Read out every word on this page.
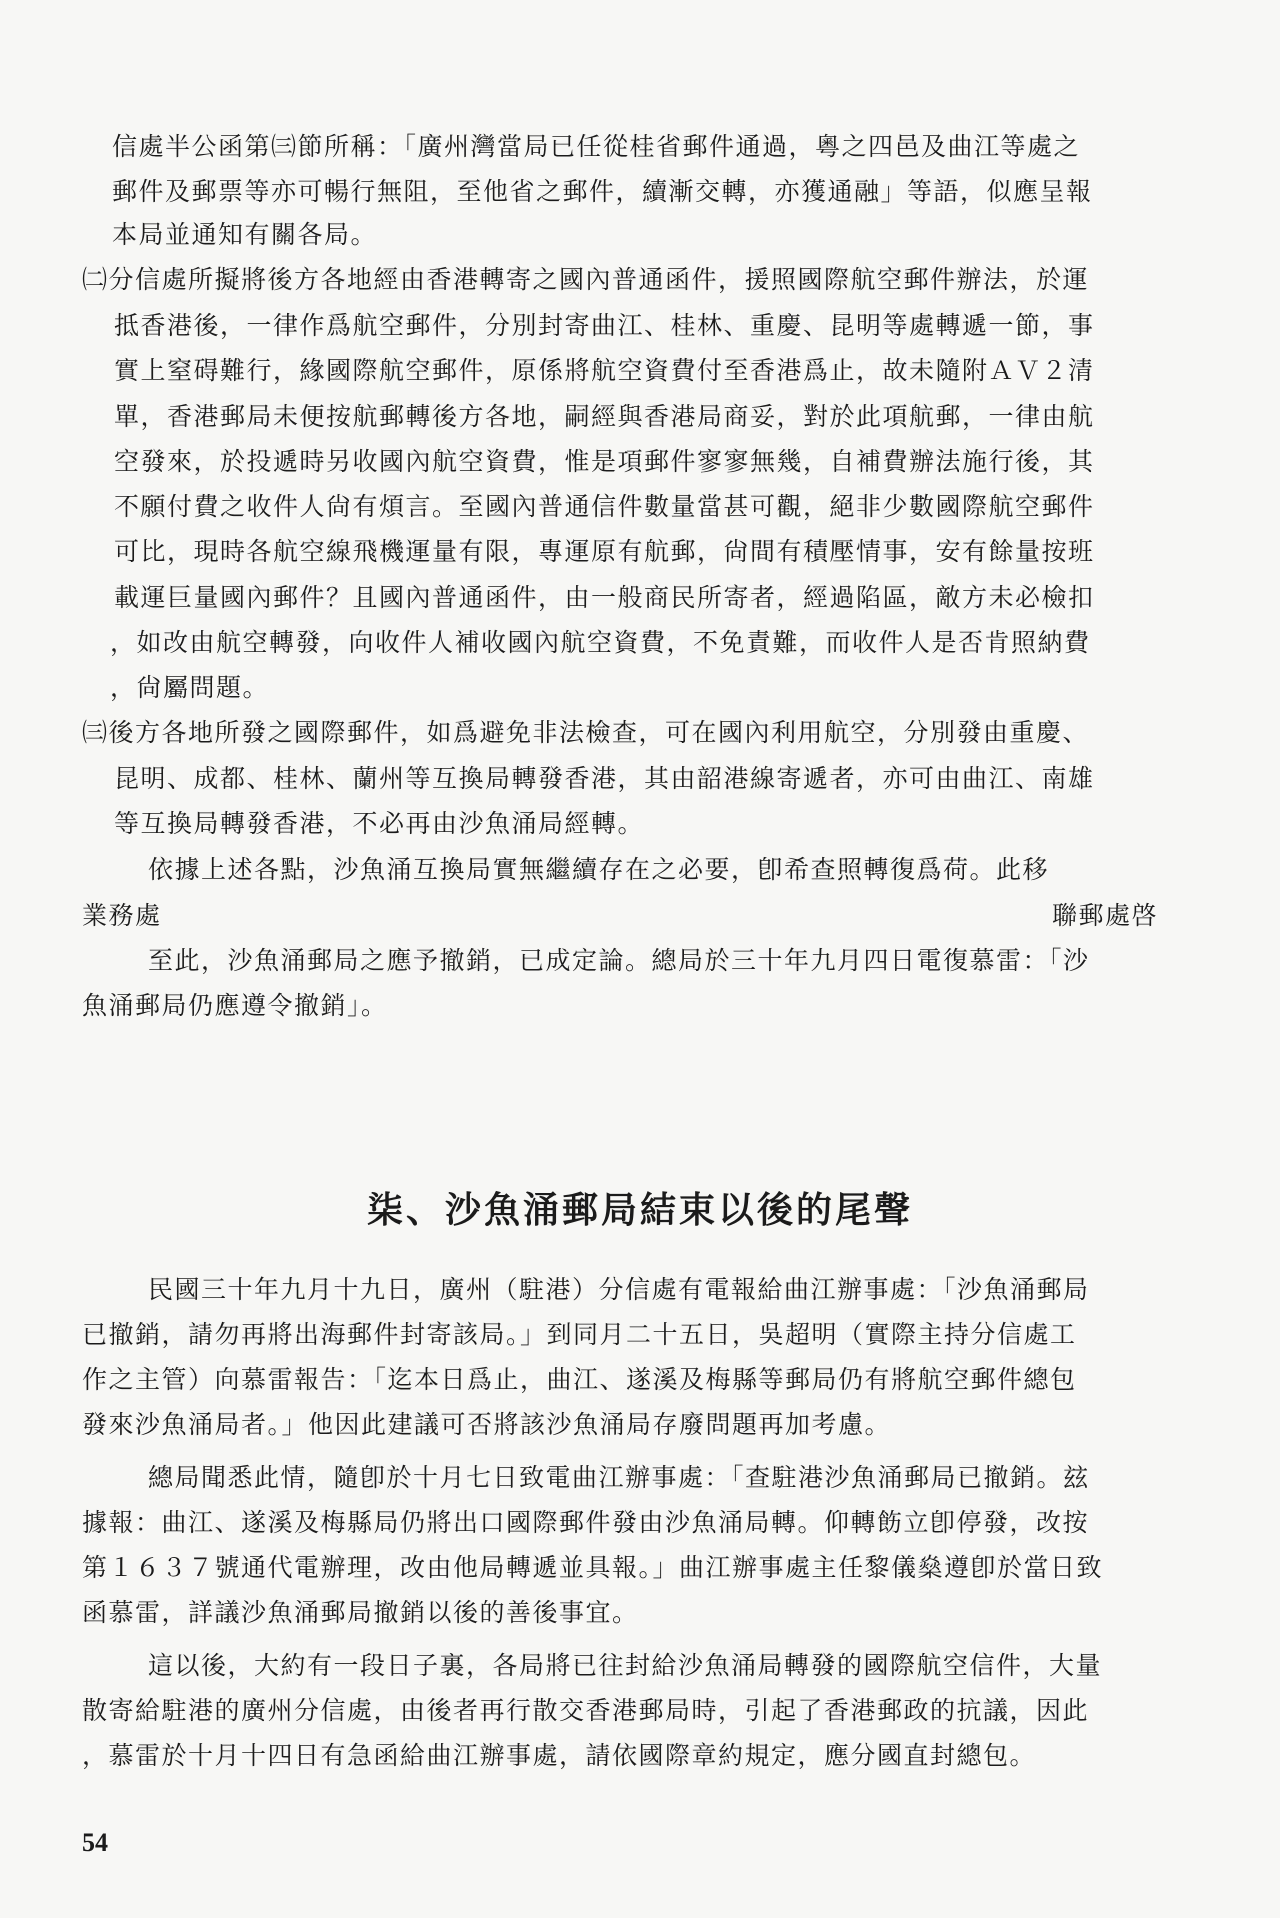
信處半公函第㈢節所稱：「廣州灣當局已任從桂省郵件通過，粵之四邑及曲江等處之
郵件及郵票等亦可暢行無阻，至他省之郵件，續漸交轉，亦獲通融」等語，似應呈報
本局並通知有關各局。
㈡分信處所擬將後方各地經由香港轉寄之國內普通函件，援照國際航空郵件辦法，於運
抵香港後，一律作爲航空郵件，分別封寄曲江、桂林、重慶、昆明等處轉遞一節，事
實上窒碍難行，緣國際航空郵件，原係將航空資費付至香港爲止，故未隨附ＡＶ２清
單，香港郵局未便按航郵轉後方各地，嗣經與香港局商妥，對於此項航郵，一律由航
空發來，於投遞時另收國內航空資費，惟是項郵件寥寥無幾，自補費辦法施行後，其
不願付費之收件人尙有煩言。至國內普通信件數量當甚可觀，絕非少數國際航空郵件
可比，現時各航空線飛機運量有限，專運原有航郵，尙間有積壓情事，安有餘量按班
載運巨量國內郵件？且國內普通函件，由一般商民所寄者，經過陷區，敵方未必檢扣
，如改由航空轉發，向收件人補收國內航空資費，不免責難，而收件人是否肯照納費
，尙屬問題。
㈢後方各地所發之國際郵件，如爲避免非法檢查，可在國內利用航空，分別發由重慶、
昆明、成都、桂林、蘭州等互換局轉發香港，其由韶港線寄遞者，亦可由曲江、南雄
等互換局轉發香港，不必再由沙魚涌局經轉。
依據上述各點，沙魚涌互換局實無繼續存在之必要，卽希查照轉復爲荷。此移
業務處	聯郵處啓
至此，沙魚涌郵局之應予撤銷，已成定論。總局於三十年九月四日電復慕雷：「沙
魚涌郵局仍應遵令撤銷」。
柒、沙魚涌郵局結束以後的尾聲
民國三十年九月十九日，廣州（駐港）分信處有電報給曲江辦事處：「沙魚涌郵局
已撤銷，請勿再將出海郵件封寄該局。」到同月二十五日，吳超明（實際主持分信處工
作之主管）向慕雷報告：「迄本日爲止，曲江、遂溪及梅縣等郵局仍有將航空郵件總包
發來沙魚涌局者。」他因此建議可否將該沙魚涌局存廢問題再加考慮。
總局聞悉此情，隨卽於十月七日致電曲江辦事處：「查駐港沙魚涌郵局已撤銷。玆
據報：曲江、遂溪及梅縣局仍將出口國際郵件發由沙魚涌局轉。仰轉飭立卽停發，改按
第１６３７號通代電辦理，改由他局轉遞並具報。」曲江辦事處主任黎儀燊遵卽於當日致
函慕雷，詳議沙魚涌郵局撤銷以後的善後事宜。
這以後，大約有一段日子裏，各局將已往封給沙魚涌局轉發的國際航空信件，大量
散寄給駐港的廣州分信處，由後者再行散交香港郵局時，引起了香港郵政的抗議，因此
，慕雷於十月十四日有急函給曲江辦事處，請依國際章約規定，應分國直封總包。
54
